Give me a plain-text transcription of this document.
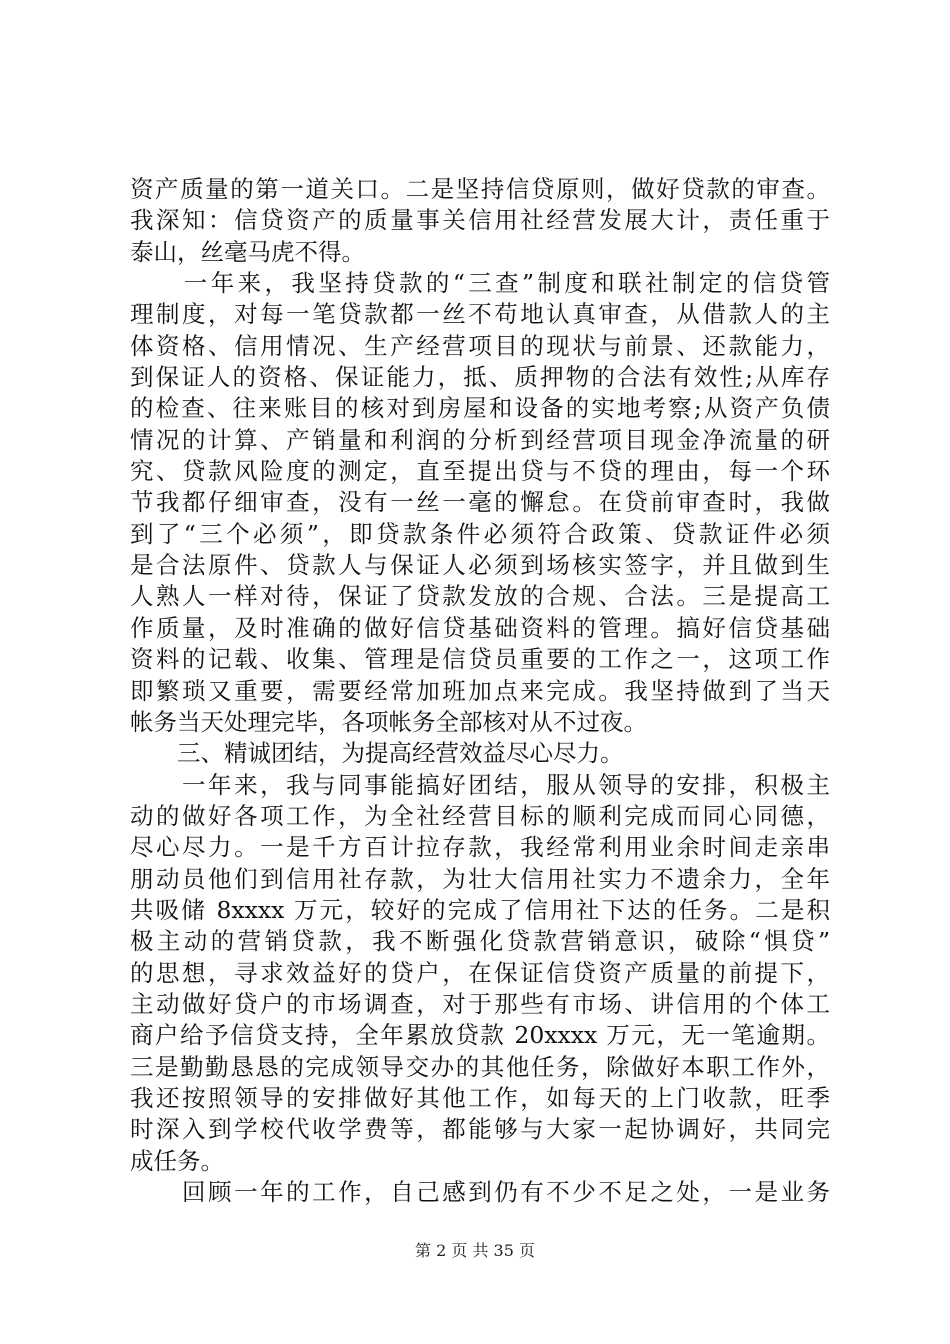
资产质量的第一道关口。二是坚持信贷原则，做好贷款的审查。
我深知：信贷资产的质量事关信用社经营发展大计，责任重于
泰山，丝毫马虎不得。
　　一年来，我坚持贷款的“三查”制度和联社制定的信贷管
理制度，对每一笔贷款都一丝不苟地认真审查，从借款人的主
体资格、信用情况、生产经营项目的现状与前景、还款能力，
到保证人的资格、保证能力，抵、质押物的合法有效性;从库存
的检查、往来账目的核对到房屋和设备的实地考察;从资产负债
情况的计算、产销量和利润的分析到经营项目现金净流量的研
究、贷款风险度的测定，直至提出贷与不贷的理由，每一个环
节我都仔细审查，没有一丝一毫的懈怠。在贷前审查时，我做
到了“三个必须”，即贷款条件必须符合政策、贷款证件必须
是合法原件、贷款人与保证人必须到场核实签字，并且做到生
人熟人一样对待，保证了贷款发放的合规、合法。三是提高工
作质量，及时准确的做好信贷基础资料的管理。搞好信贷基础
资料的记载、收集、管理是信贷员重要的工作之一，这项工作
即繁琐又重要，需要经常加班加点来完成。我坚持做到了当天
帐务当天处理完毕，各项帐务全部核对从不过夜。
　　三、精诚团结，为提高经营效益尽心尽力。
　　一年来，我与同事能搞好团结，服从领导的安排，积极主
动的做好各项工作，为全社经营目标的顺利完成而同心同德，
尽心尽力。一是千方百计拉存款，我经常利用业余时间走亲串
朋动员他们到信用社存款，为壮大信用社实力不遗余力，全年
共吸储 8xxxx 万元，较好的完成了信用社下达的任务。二是积
极主动的营销贷款，我不断强化贷款营销意识，破除“惧贷”
的思想，寻求效益好的贷户，在保证信贷资产质量的前提下，
主动做好贷户的市场调查，对于那些有市场、讲信用的个体工
商户给予信贷支持，全年累放贷款 20xxxx 万元，无一笔逾期。
三是勤勤恳恳的完成领导交办的其他任务，除做好本职工作外，
我还按照领导的安排做好其他工作，如每天的上门收款，旺季
时深入到学校代收学费等，都能够与大家一起协调好，共同完
成任务。
　　回顾一年的工作，自己感到仍有不少不足之处，一是业务
第 2 页 共 35 页
